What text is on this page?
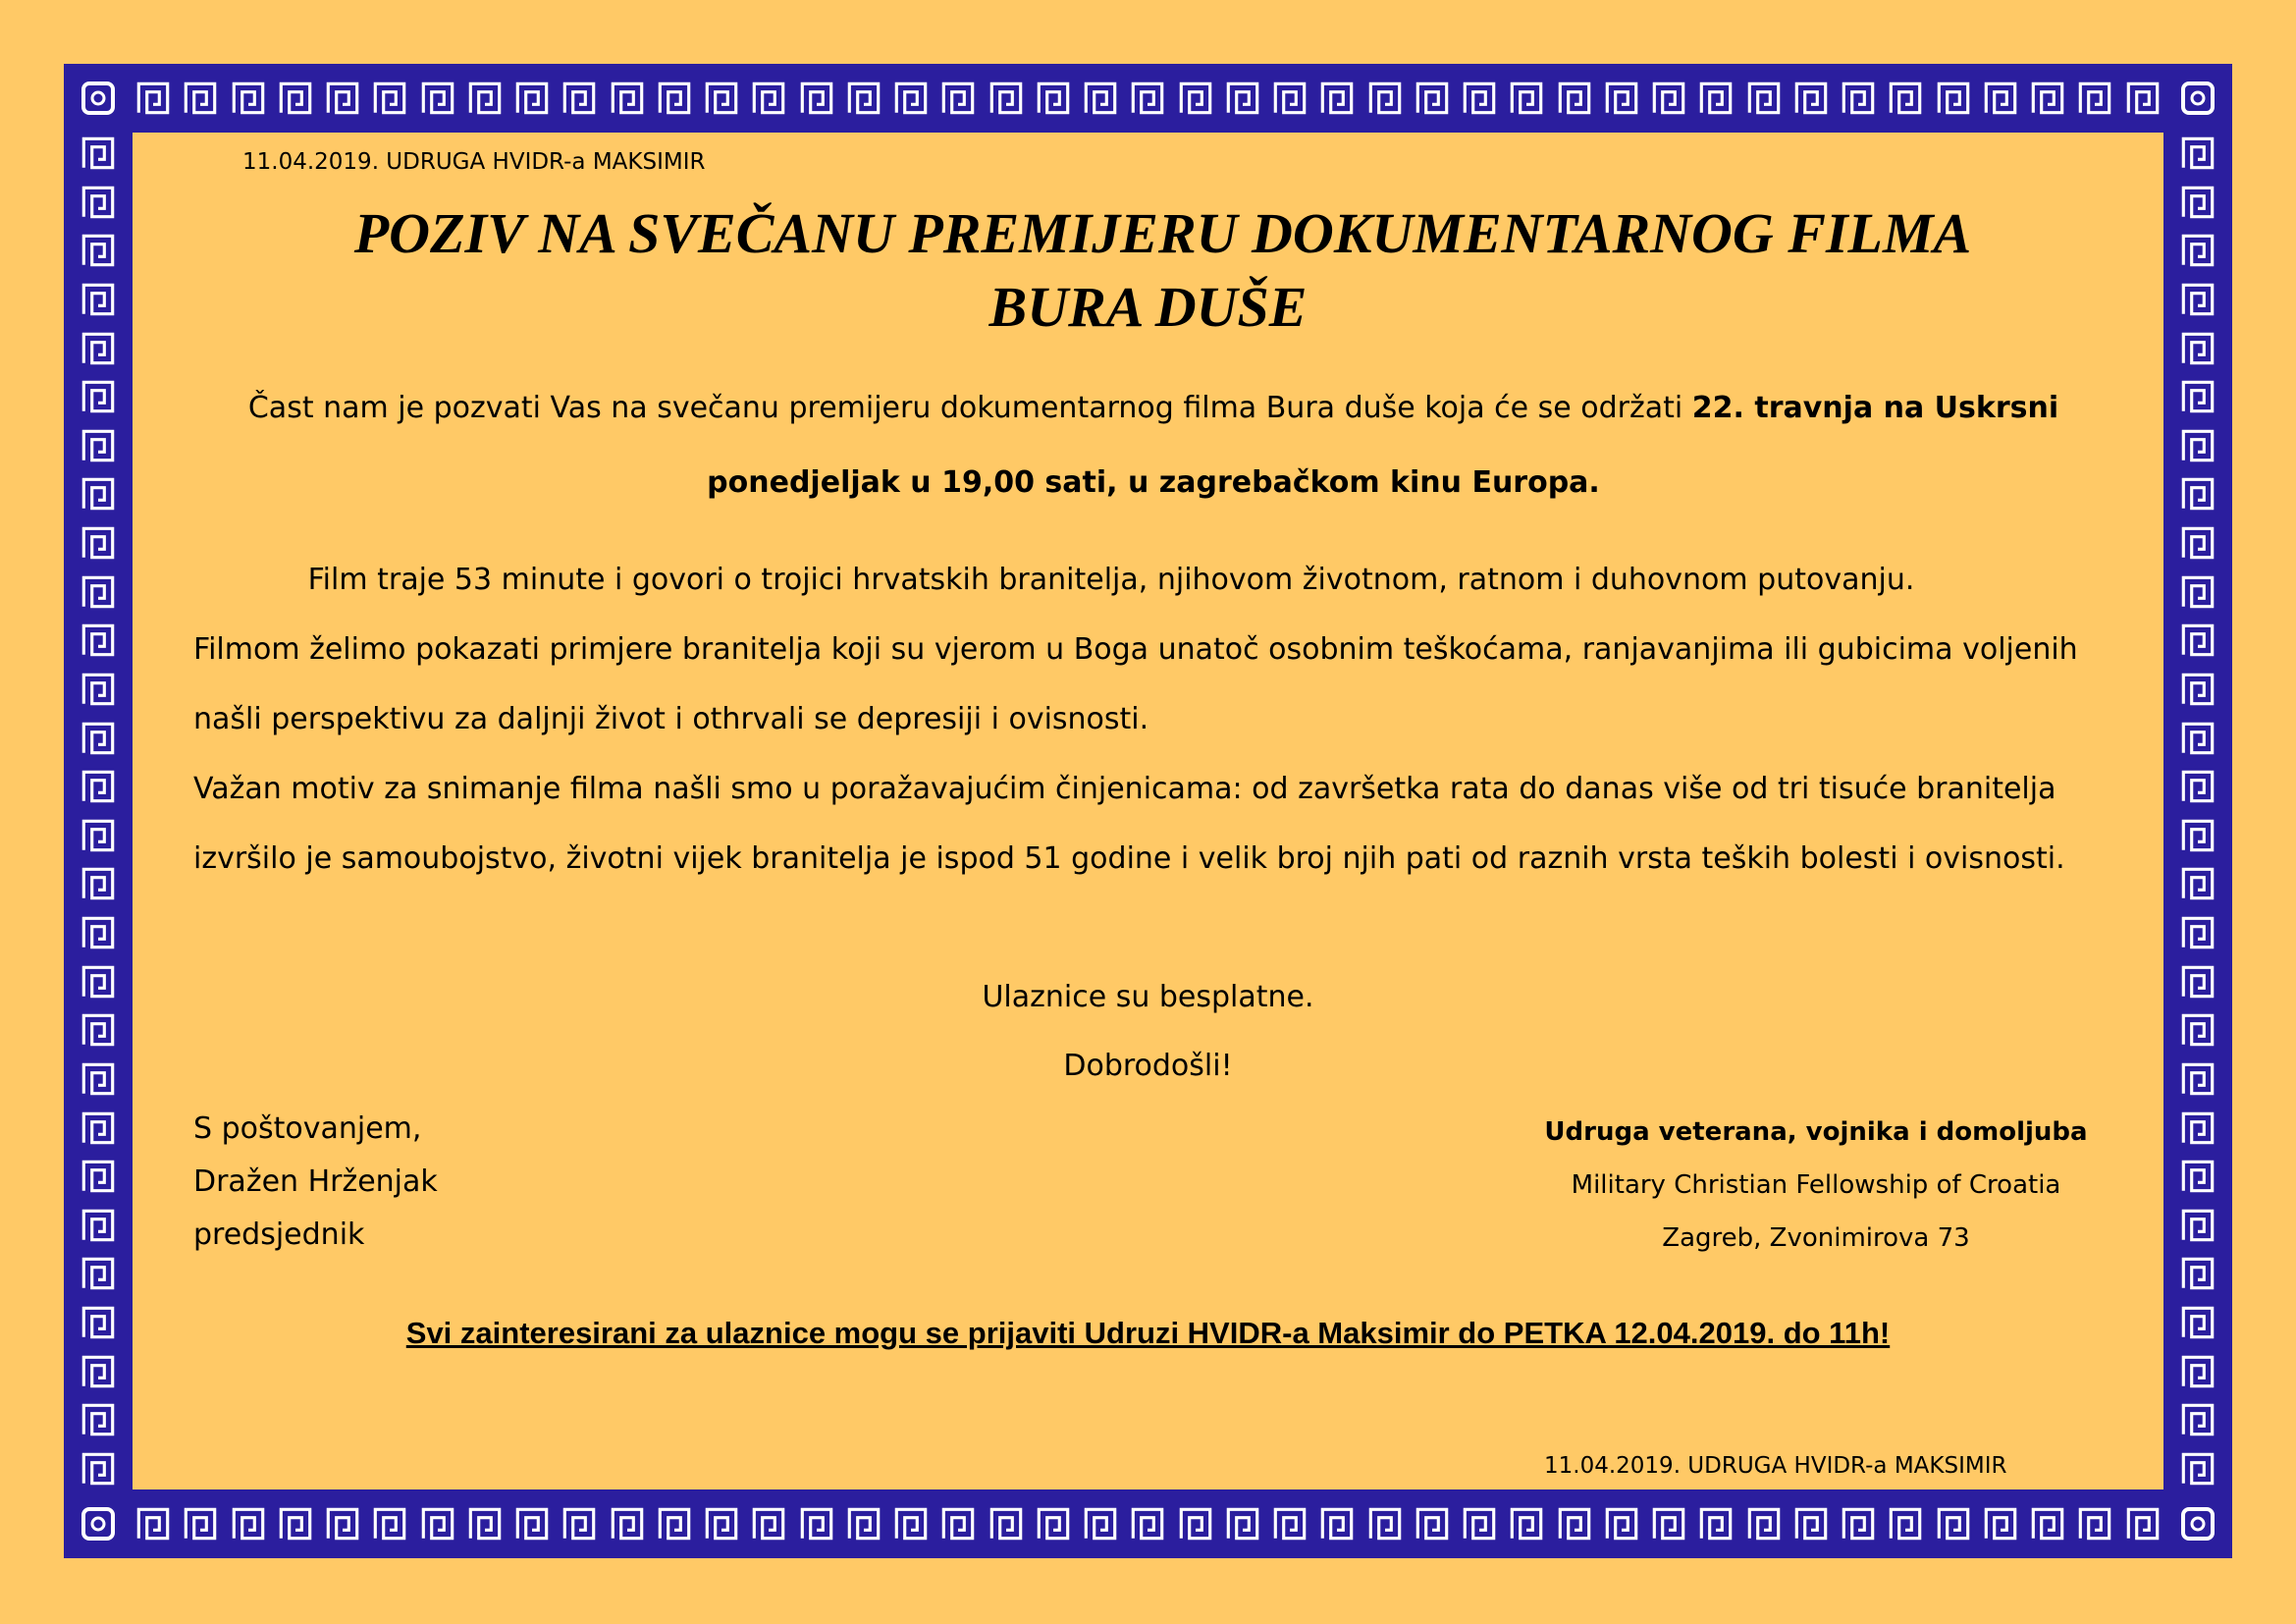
11.04.2019. UDRUGA HVIDR-a MAKSIMIR
POZIV NA SVEČANU PREMIJERU DOKUMENTARNOG FILMA
BURA DUŠE
Čast nam je pozvati Vas na svečanu premijeru dokumentarnog filma Bura duše koja će se održati 22. travnja na Uskrsni ponedjeljak u 19,00 sati, u zagrebačkom kinu Europa.

Film traje 53 minute i govori o trojici hrvatskih branitelja, njihovom životnom, ratnom i duhovnom putovanju.

Filmom želimo pokazati primjere branitelja koji su vjerom u Boga unatoč osobnim teškoćama, ranjavanjima ili gubicima voljenih našli perspektivu za daljnji život i othrvali se depresiji i ovisnosti.

Važan motiv za snimanje filma našli smo u poražavajućim činjenicama: od završetka rata do danas više od tri tisuće branitelja izvršilo je samoubojstvo, životni vijek branitelja je ispod 51 godine i velik broj njih pati od raznih vrsta teških bolesti i ovisnosti.

Ulaznice su besplatne.
Dobrodošli!
S poštovanjem,
Dražen Hrženjak
predsjednik
Udruga veterana, vojnika i domoljuba
Military Christian Fellowship of Croatia
Zagreb, Zvonimirova 73
Svi zainteresirani za ulaznice mogu se prijaviti Udruzi HVIDR-a Maksimir do PETKA 12.04.2019. do 11h!
11.04.2019. UDRUGA HVIDR-a MAKSIMIR
